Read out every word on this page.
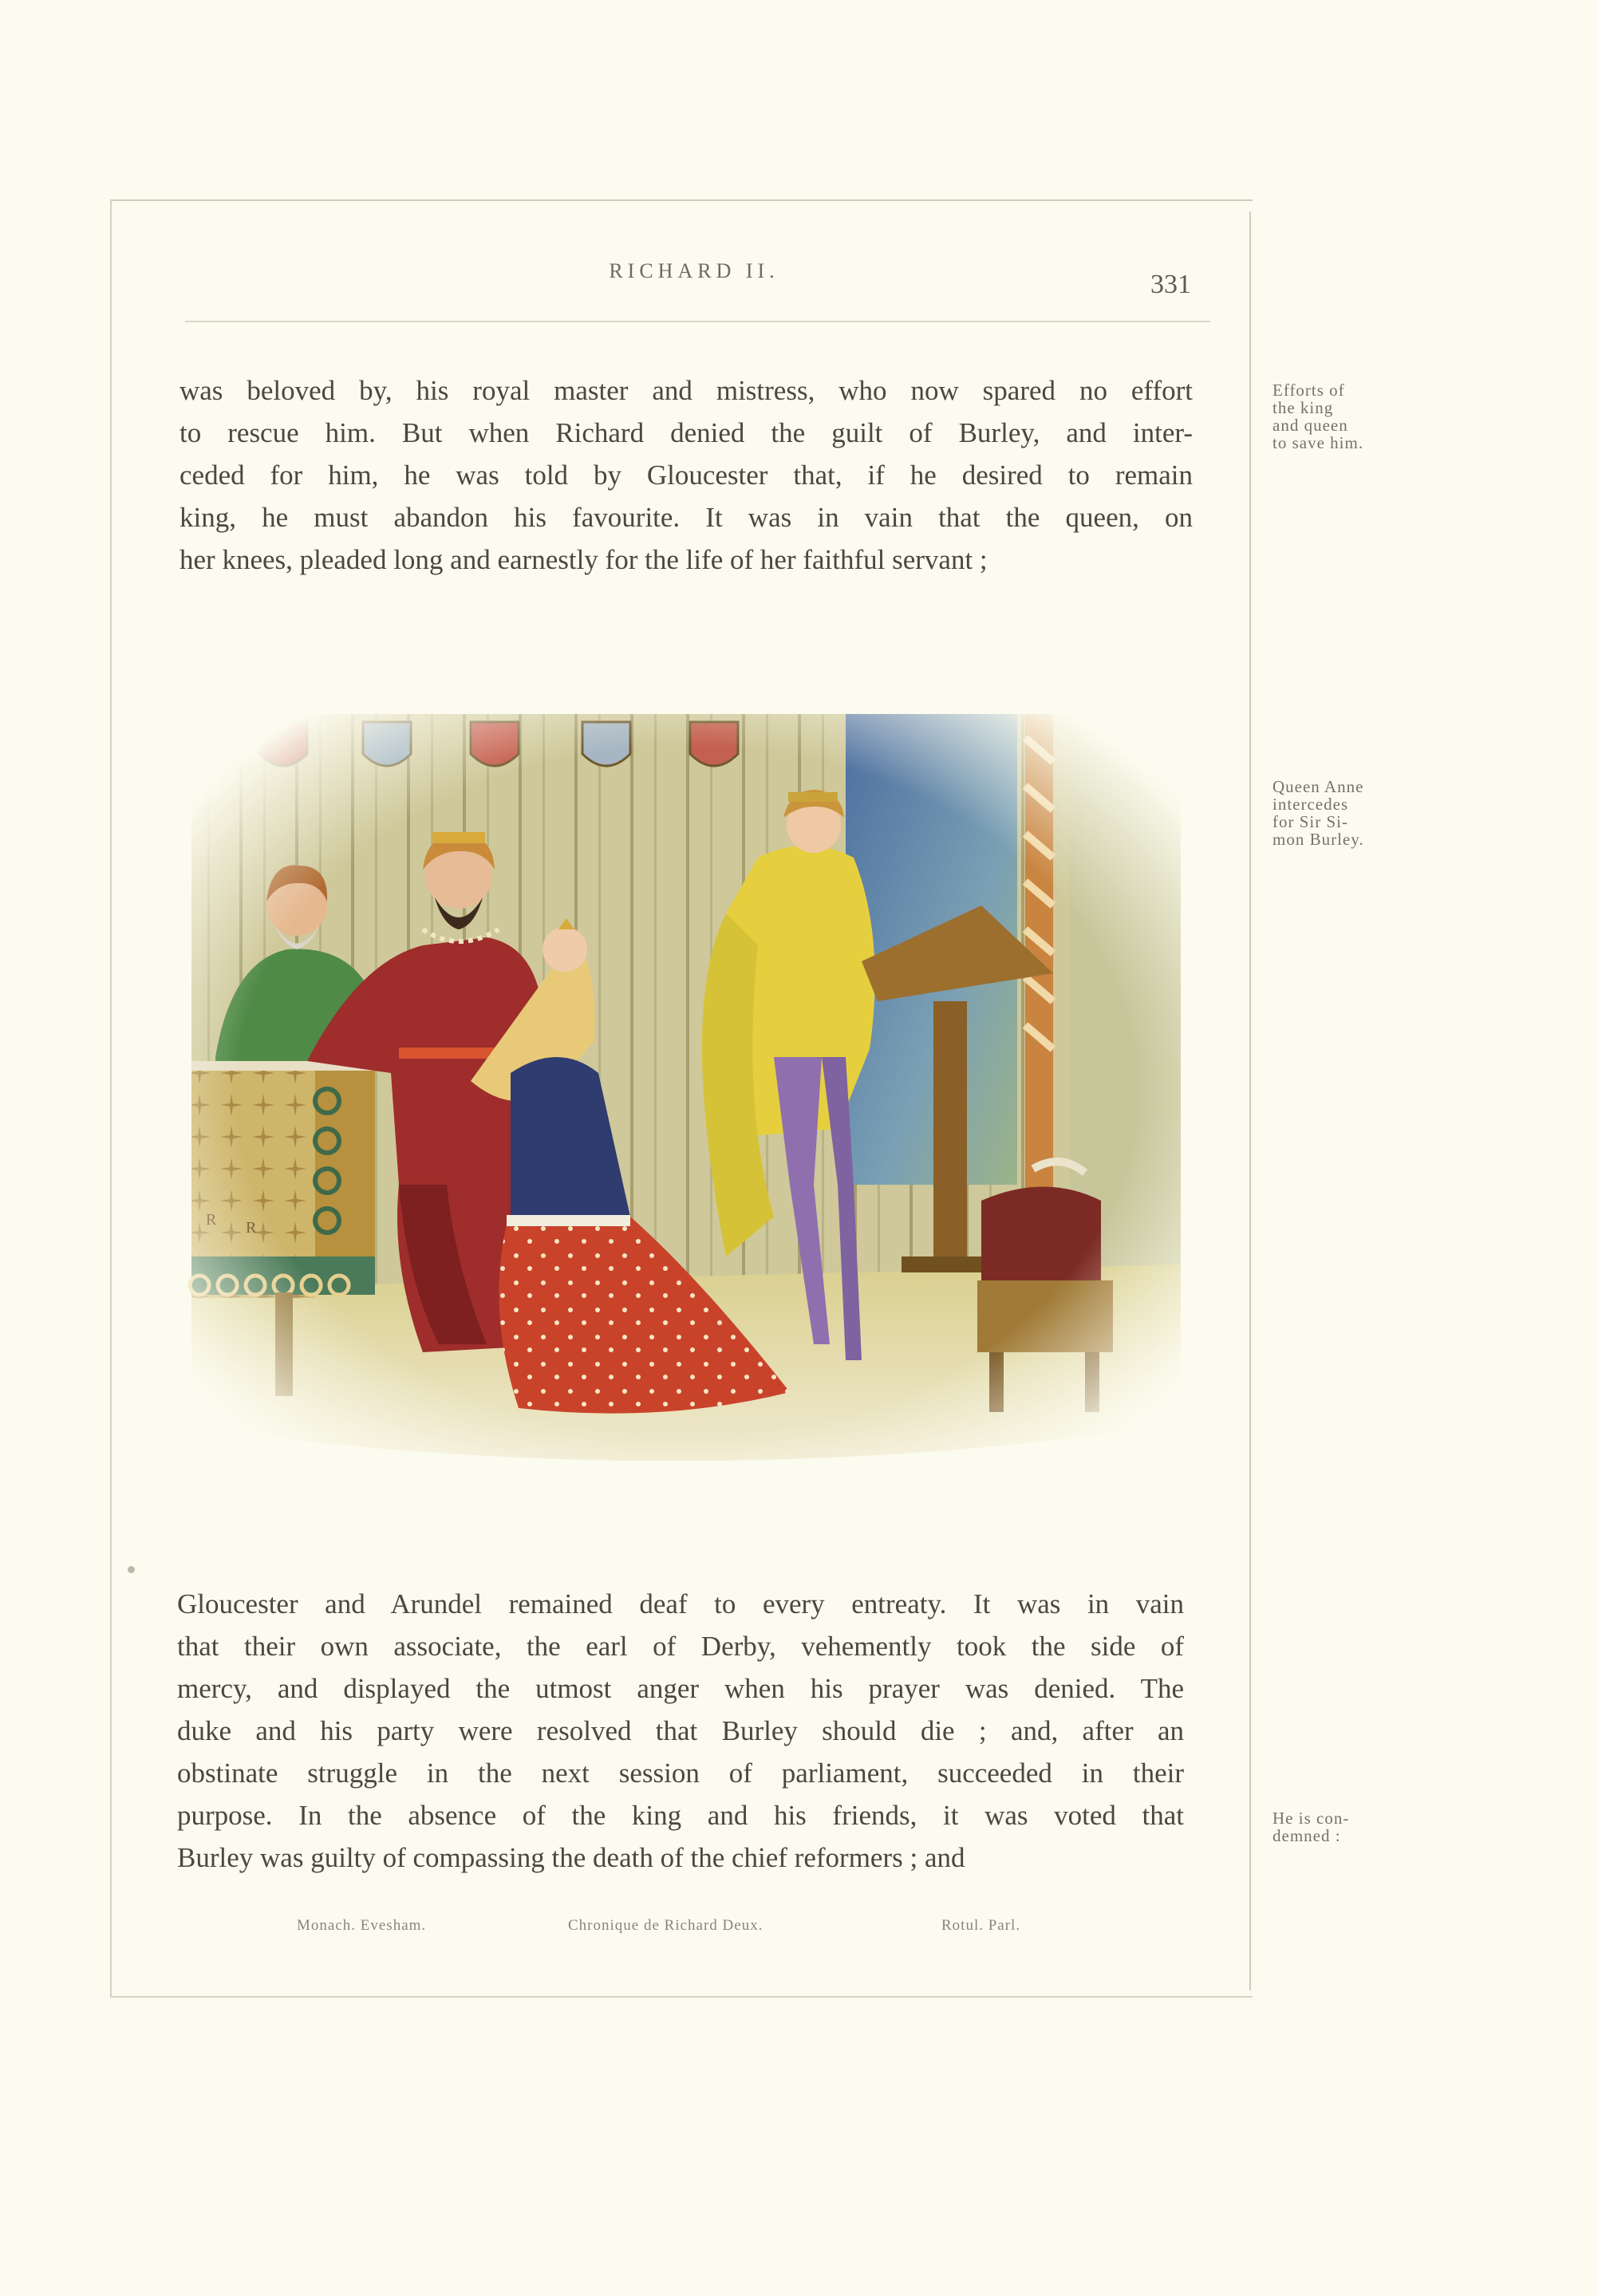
RICHARD II.	331
was beloved by, his royal master and mistress, who now spared no effort
to rescue him. But when Richard denied the guilt of Burley, and inter-
ceded for him, he was told by Gloucester that, if he desired to remain
king, he must abandon his favourite. It was in vain that the queen, on
her knees, pleaded long and earnestly for the life of her faithful servant ;
Efforts of
the king
and queen
to save him.
Queen Anne
intercedes
for Sir Si-
mon Burley.
Gloucester and Arundel remained deaf to every entreaty. It was in vain
that their own associate, the earl of Derby, vehemently took the side of
mercy, and displayed the utmost anger when his prayer was denied. The
duke and his party were resolved that Burley should die ; and, after an
obstinate struggle in the next session of parliament, succeeded in their
purpose. In the absence of the king and his friends, it was voted that
Burley was guilty of compassing the death of the chief reformers ; and
He is con-
demned :
Monach. Evesham.	Chronique de Richard Deux.	Rotul. Parl.
